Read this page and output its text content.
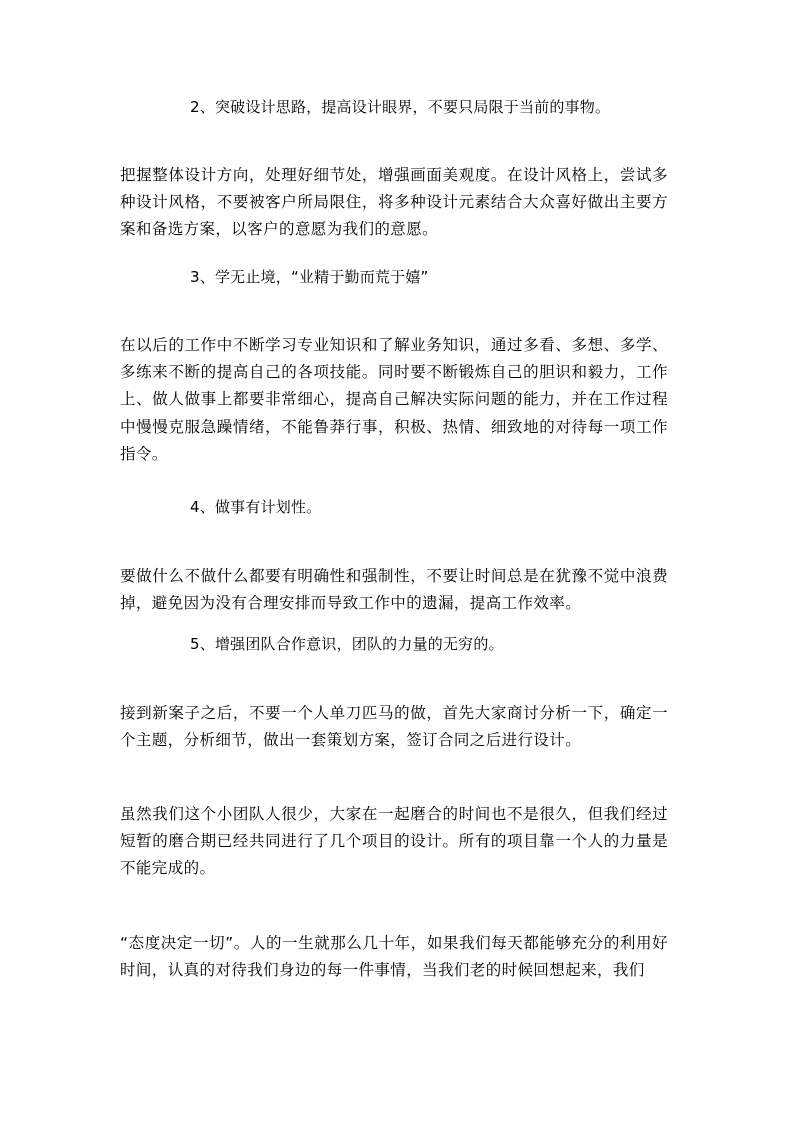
2、突破设计思路，提高设计眼界，不要只局限于当前的事物。
把握整体设计方向，处理好细节处，增强画面美观度。在设计风格上，尝试多种设计风格，不要被客户所局限住，将多种设计元素结合大众喜好做出主要方案和备选方案，以客户的意愿为我们的意愿。
3、学无止境，“业精于勤而荒于嬉”
在以后的工作中不断学习专业知识和了解业务知识，通过多看、多想、多学、多练来不断的提高自己的各项技能。同时要不断锻炼自己的胆识和毅力，工作上、做人做事上都要非常细心，提高自己解决实际问题的能力，并在工作过程中慢慢克服急躁情绪，不能鲁莽行事，积极、热情、细致地的对待每一项工作指令。
4、做事有计划性。
要做什么不做什么都要有明确性和强制性，不要让时间总是在犹豫不觉中浪费掉，避免因为没有合理安排而导致工作中的遗漏，提高工作效率。
5、增强团队合作意识，团队的力量的无穷的。
接到新案子之后，不要一个人单刀匹马的做，首先大家商讨分析一下，确定一个主题，分析细节，做出一套策划方案，签订合同之后进行设计。
虽然我们这个小团队人很少，大家在一起磨合的时间也不是很久，但我们经过短暂的磨合期已经共同进行了几个项目的设计。所有的项目靠一个人的力量是不能完成的。
“态度决定一切”。人的一生就那么几十年，如果我们每天都能够充分的利用好时间，认真的对待我们身边的每一件事情，当我们老的时候回想起来，我们
